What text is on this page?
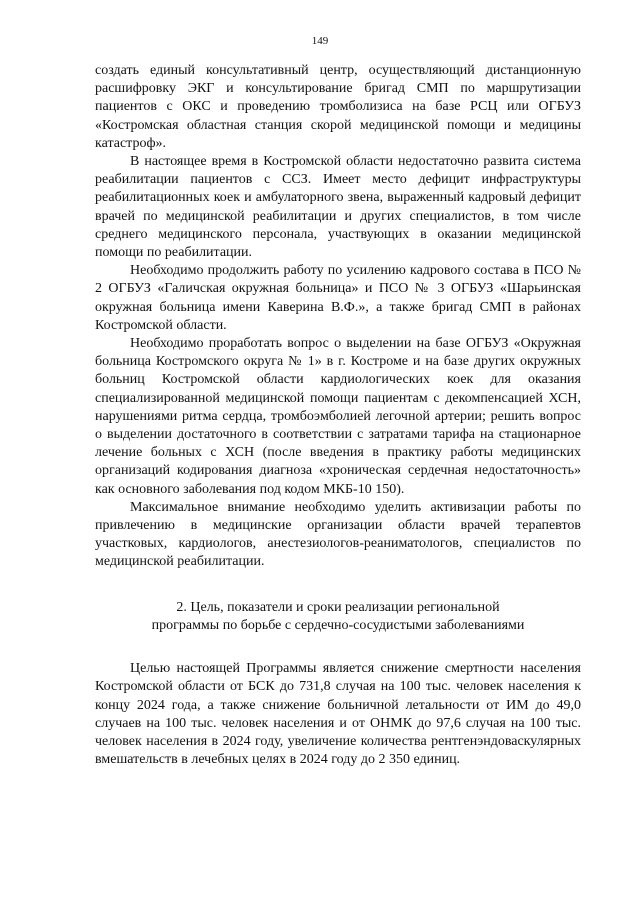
149

создать единый консультативный центр, осуществляющий дистанционную расшифровку ЭКГ и консультирование бригад СМП по маршрутизации пациентов с ОКС и проведению тромболизиса на базе РСЦ или ОГБУЗ «Костромская областная станция скорой медицинской помощи и медицины катастроф».

В настоящее время в Костромской области недостаточно развита система реабилитации пациентов с ССЗ. Имеет место дефицит инфраструктуры реабилитационных коек и амбулаторного звена, выраженный кадровый дефицит врачей по медицинской реабилитации и других специалистов, в том числе среднего медицинского персонала, участвующих в оказании медицинской помощи по реабилитации.

Необходимо продолжить работу по усилению кадрового состава в ПСО № 2 ОГБУЗ «Галичская окружная больница» и ПСО № 3 ОГБУЗ «Шарьинская окружная больница имени Каверина В.Ф.», а также бригад СМП в районах Костромской области.

Необходимо проработать вопрос о выделении на базе ОГБУЗ «Окружная больница Костромского округа № 1» в г. Костроме и на базе других окружных больниц Костромской области кардиологических коек для оказания специализированной медицинской помощи пациентам с декомпенсацией ХСН, нарушениями ритма сердца, тромбоэмболией легочной артерии; решить вопрос о выделении достаточного в соответствии с затратами тарифа на стационарное лечение больных с ХСН (после введения в практику работы медицинских организаций кодирования диагноза «хроническая сердечная недостаточность» как основного заболевания под кодом МКБ-10 150).

Максимальное внимание необходимо уделить активизации работы по привлечению в медицинские организации области врачей терапевтов участковых, кардиологов, анестезиологов-реаниматологов, специалистов по медицинской реабилитации.

2. Цель, показатели и сроки реализации региональной
программы по борьбе с сердечно-сосудистыми заболеваниями

Целью настоящей Программы является снижение смертности населения Костромской области от БСК до 731,8 случая на 100 тыс. человек населения к концу 2024 года, а также снижение больничной летальности от ИМ до 49,0 случаев на 100 тыс. человек населения и от ОНМК до 97,6 случая на 100 тыс. человек населения в 2024 году, увеличение количества рентгенэндоваскулярных вмешательств в лечебных целях в 2024 году до 2 350 единиц.
